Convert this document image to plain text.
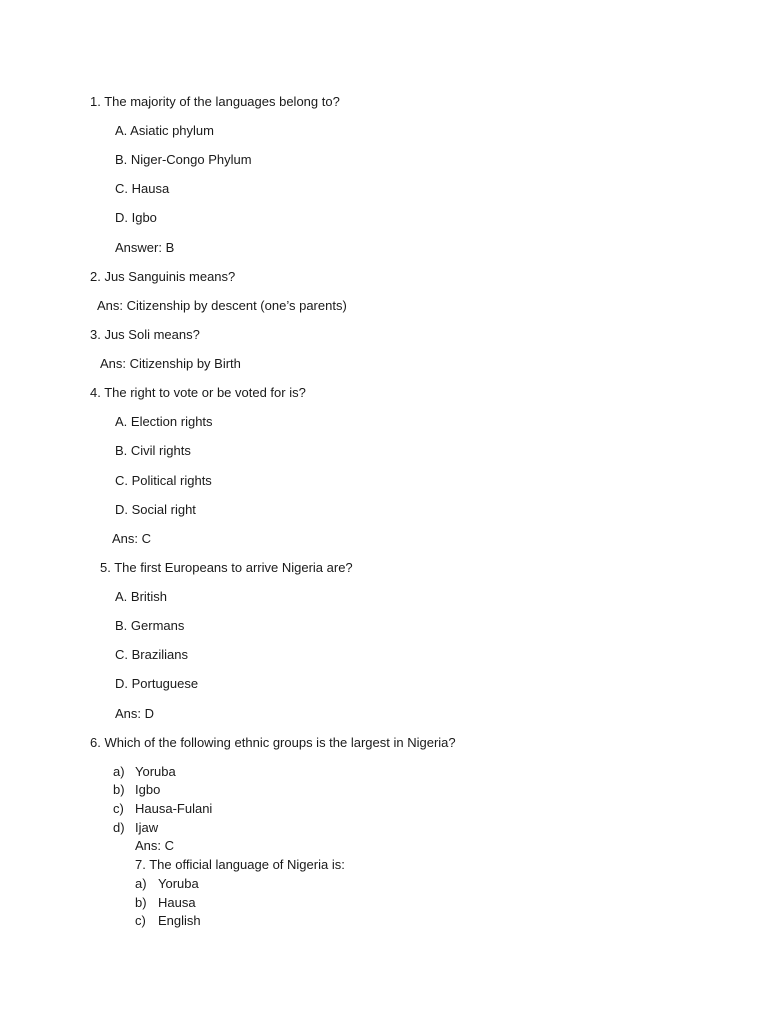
1. The majority of the languages belong to?
A. Asiatic phylum
B. Niger-Congo Phylum
C. Hausa
D. Igbo
Answer: B
2. Jus Sanguinis means?
Ans: Citizenship by descent (one’s parents)
3. Jus Soli means?
Ans: Citizenship by Birth
4. The right to vote or be voted for is?
A. Election rights
B. Civil rights
C. Political rights
D. Social right
Ans: C
5. The first Europeans to arrive Nigeria are?
A. British
B. Germans
C. Brazilians
D. Portuguese
Ans: D
6. Which of the following ethnic groups is the largest in Nigeria?
a) Yoruba
b) Igbo
c) Hausa-Fulani
d) Ijaw
Ans: C
7. The official language of Nigeria is:
a) Yoruba
b) Hausa
c) English
